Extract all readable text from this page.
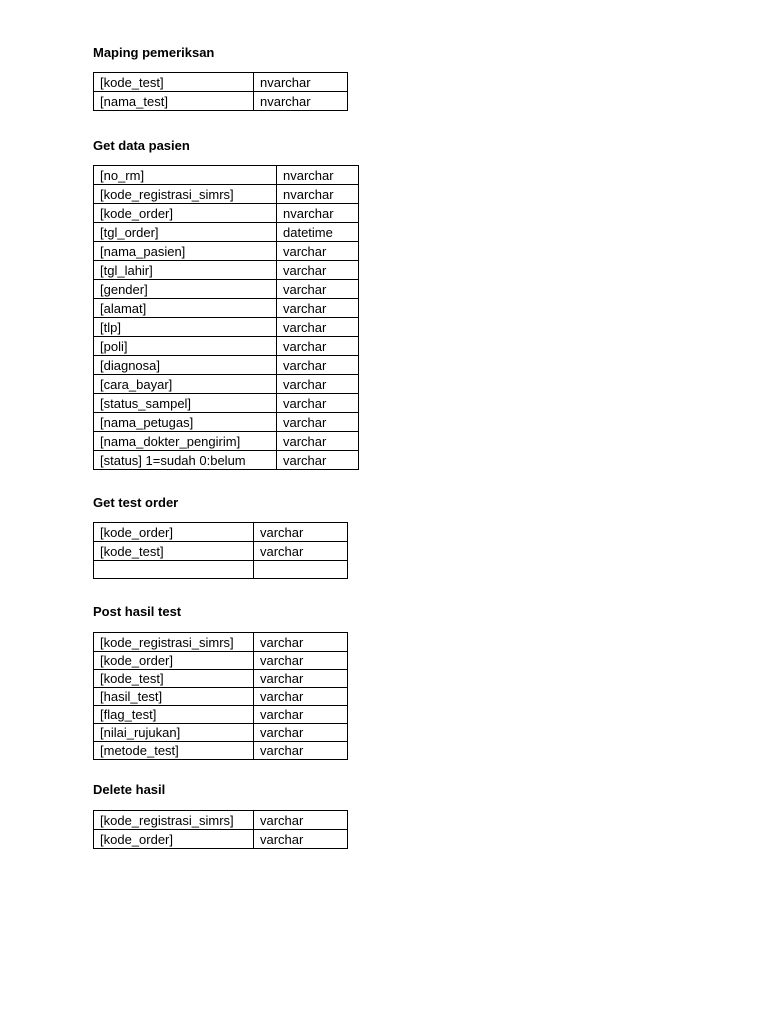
Maping pemeriksan
[kode_test]	nvarchar
[nama_test]	nvarchar
Get data pasien
[no_rm]	nvarchar
[kode_registrasi_simrs]	nvarchar
[kode_order]	nvarchar
[tgl_order]	datetime
[nama_pasien]	varchar
[tgl_lahir]	varchar
[gender]	varchar
[alamat]	varchar
[tlp]	varchar
[poli]	varchar
[diagnosa]	varchar
[cara_bayar]	varchar
[status_sampel]	varchar
[nama_petugas]	varchar
[nama_dokter_pengirim]	varchar
[status] 1=sudah 0:belum	varchar
Get test order
[kode_order]	varchar
[kode_test]	varchar

Post hasil test
[kode_registrasi_simrs]	varchar
[kode_order]	varchar
[kode_test]	varchar
[hasil_test]	varchar
[flag_test]	varchar
[nilai_rujukan]	varchar
[metode_test]	varchar
Delete hasil
[kode_registrasi_simrs]	varchar
[kode_order]	varchar
